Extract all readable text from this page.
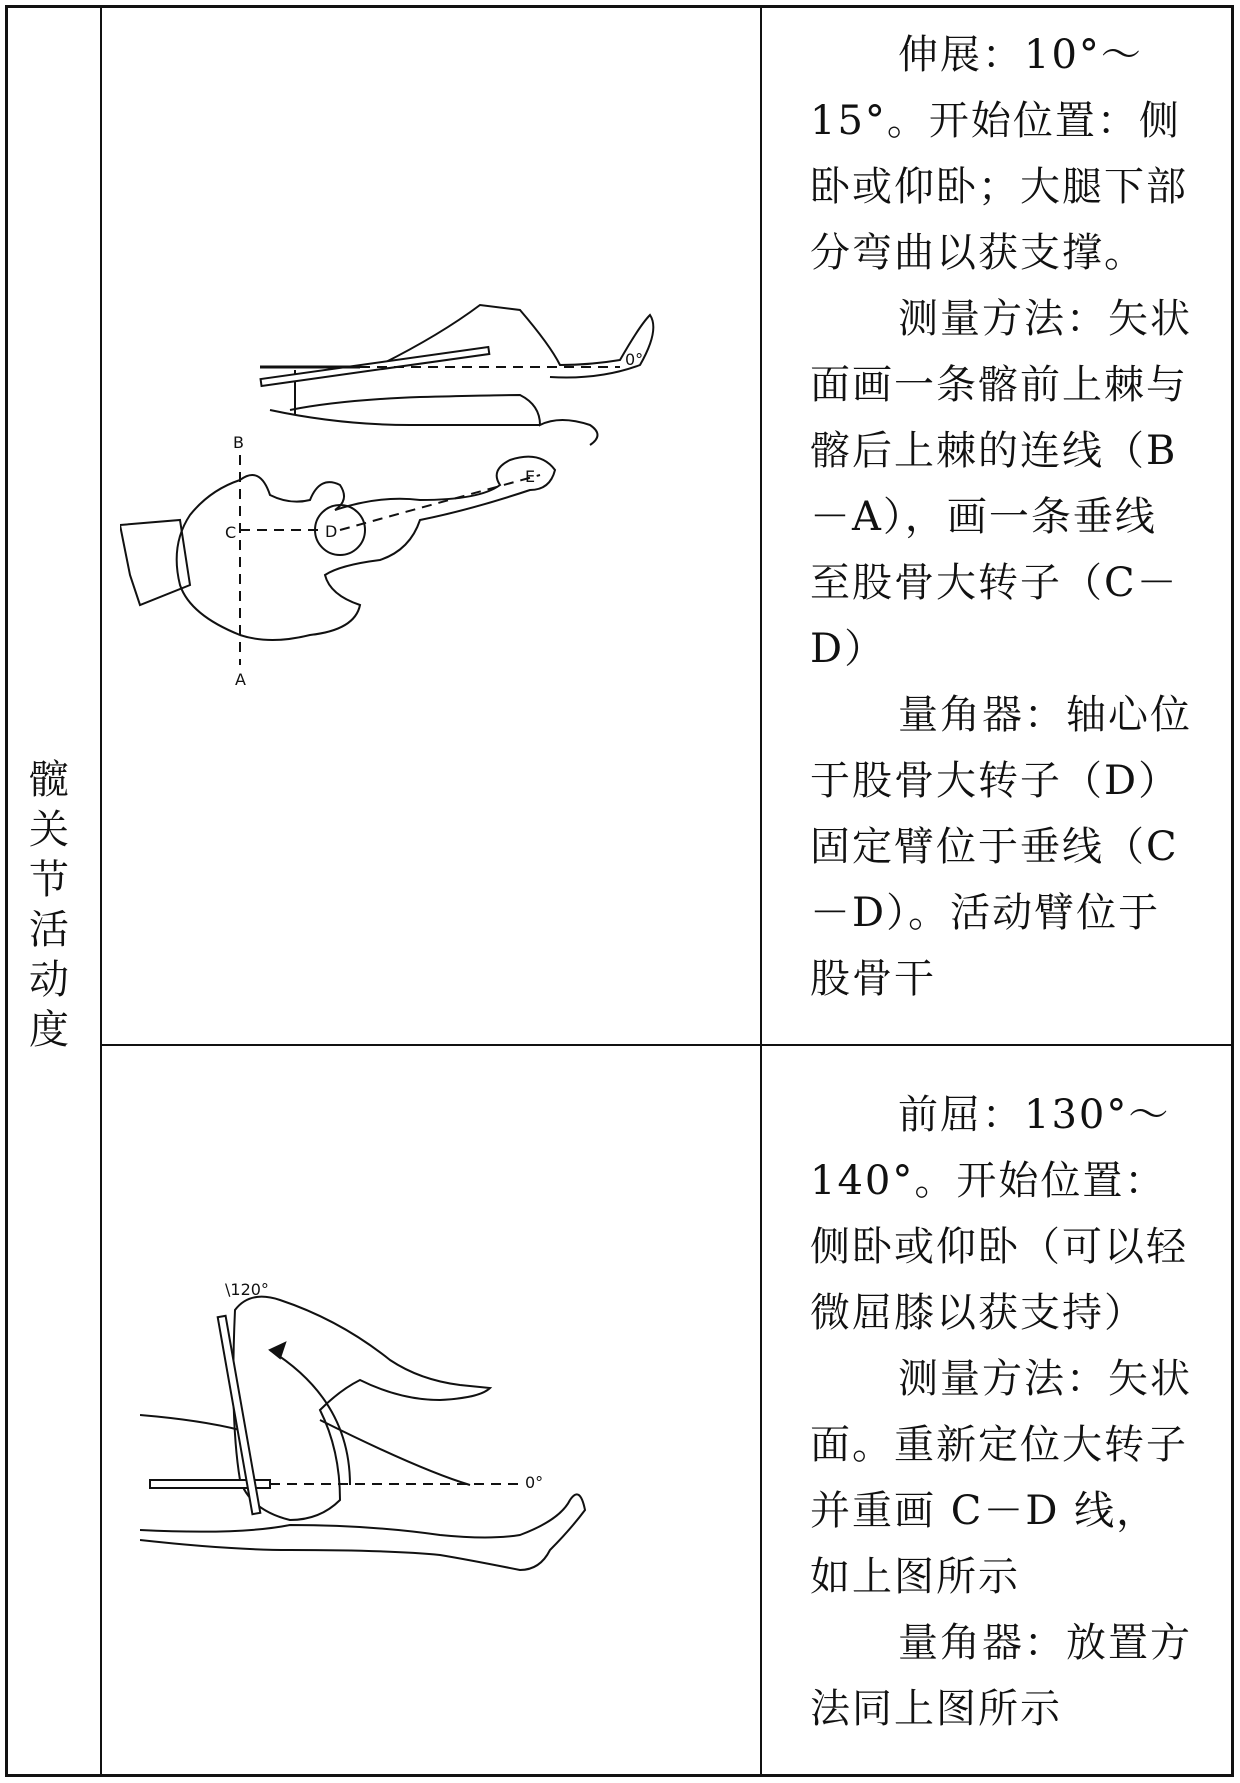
髋
关
节
活
动
度

伸展：10°～15°。开始位置：侧卧或仰卧；大腿下部分弯曲以获支撑。

测量方法：矢状面画一条髂前上棘与髂后上棘的连线（B－A），画一条垂线至股骨大转子（C－D）

量角器：轴心位于股骨大转子（D）固定臂位于垂线（C－D）。活动臂位于股骨干

0°
B
A
C	D
E

前屈：130°～140°。开始位置：侧卧或仰卧（可以轻微屈膝以获支持）

测量方法：矢状面。重新定位大转子并重画 C－D 线，如上图所示

量角器：放置方法同上图所示

\120°
0°
